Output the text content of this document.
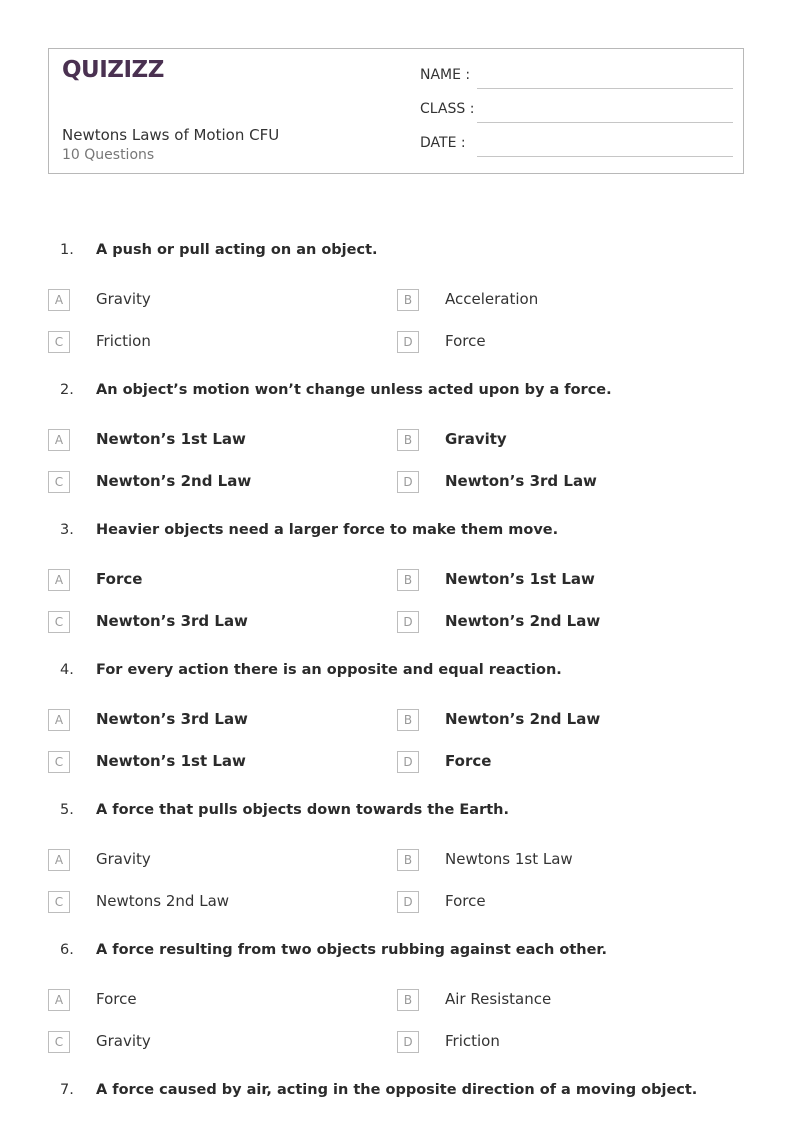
QUIZIZZ
Newtons Laws of Motion CFU
10 Questions
NAME :
CLASS :
DATE :
1. A push or pull acting on an object.
A	Gravity	B	Acceleration
C	Friction	D	Force
2. An object’s motion won’t change unless acted upon by a force.
A	Newton’s 1st Law	B	Gravity
C	Newton’s 2nd Law	D	Newton’s 3rd Law
3. Heavier objects need a larger force to make them move.
A	Force	B	Newton’s 1st Law
C	Newton’s 3rd Law	D	Newton’s 2nd Law
4. For every action there is an opposite and equal reaction.
A	Newton’s 3rd Law	B	Newton’s 2nd Law
C	Newton’s 1st Law	D	Force
5. A force that pulls objects down towards the Earth.
A	Gravity	B	Newtons 1st Law
C	Newtons 2nd Law	D	Force
6. A force resulting from two objects rubbing against each other.
A	Force	B	Air Resistance
C	Gravity	D	Friction
7. A force caused by air, acting in the opposite direction of a moving object.
